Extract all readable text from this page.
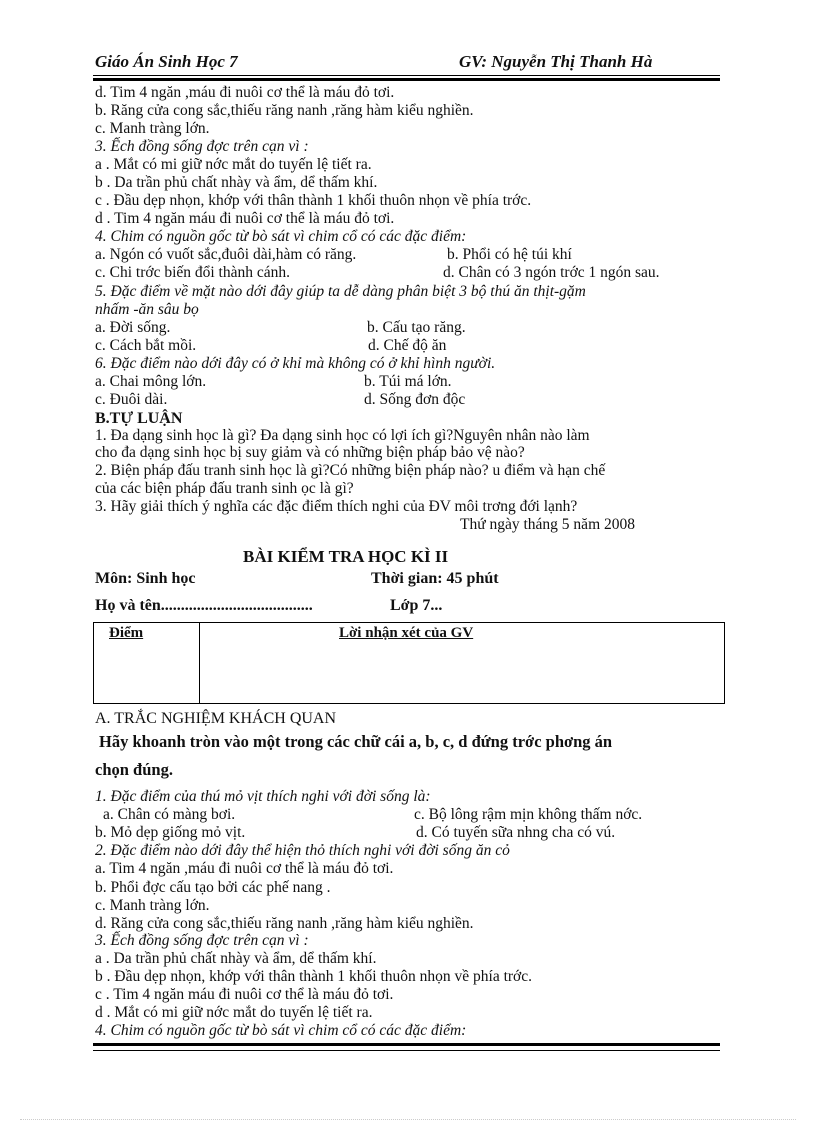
Giáo Án Sinh Học 7	GV: Nguyễn Thị Thanh Hà
d. Tim 4 ngăn ,máu đi nuôi cơ thể là máu đỏ tơi.
b. Răng cửa cong sắc,thiếu răng nanh ,răng hàm kiểu nghiền.
c. Manh tràng lớn.
3. Ếch đồng sống đợc trên cạn vì :
a . Mắt có mi giữ nớc mắt do tuyến lệ tiết ra.
b . Da trần phủ chất nhày và ẩm, dể thấm khí.
c . Đầu dẹp nhọn, khớp với thân thành 1 khối thuôn nhọn về phía trớc.
d . Tim 4 ngăn máu đi nuôi cơ thể là máu đỏ tơi.
4. Chim có nguồn gốc từ bò sát vì chim cổ có các đặc điểm:
a. Ngón có vuốt sắc,đuôi dài,hàm có răng.	b. Phổi có hệ túi khí
c. Chi trớc biến đổi thành cánh.	d. Chân có 3 ngón trớc 1 ngón sau.
5. Đặc điểm về mặt nào dới đây giúp ta dễ dàng phân biệt 3 bộ thú ăn thịt-gặm
nhấm -ăn sâu bọ
a. Đời sống.	b. Cấu tạo răng.
c. Cách bắt mồi.	d. Chế độ ăn
6. Đặc điểm nào dới đây có ở khỉ mà không có ở khỉ hình người.
a. Chai mông lớn.	b. Túi má lớn.
c. Đuôi dài.	d. Sống đơn độc
B.TỰ LUẬN
1. Đa dạng sinh học là gì? Đa dạng sinh học có lợi ích gì?Nguyên nhân nào làm
cho đa dạng sinh học bị suy giảm và có những biện pháp bảo vệ nào?
2. Biện pháp đấu tranh sinh học là gì?Có những biện pháp nào? u điểm và hạn chế
của các biện pháp đấu tranh sinh ọc là gì?
3. Hãy giải thích ý nghĩa các đặc điểm thích nghi của ĐV môi trơng đới lạnh?
Thứ ngày tháng 5 năm 2008
BÀI KIỂM TRA HỌC KÌ II
Môn: Sinh học	Thời gian: 45 phút
Họ và tên......................................	Lớp 7...
Điểm	Lời nhận xét của GV
A. TRẮC NGHIỆM KHÁCH QUAN
Hãy khoanh tròn vào một trong các chữ cái a, b, c, d đứng trớc phơng án
chọn đúng.
1. Đặc điểm của thú mỏ vịt thích nghi với đời sống là:
a. Chân có màng bơi.	c. Bộ lông rậm mịn không thấm nớc.
b. Mỏ dẹp giống mỏ vịt.	d. Có tuyến sữa nhng cha có vú.
2. Đặc điểm nào dới đây thể hiện thỏ thích nghi với đời sống ăn cỏ
a. Tim 4 ngăn ,máu đi nuôi cơ thể là máu đỏ tơi.
b. Phổi đợc cấu tạo bởi các phế nang .
c. Manh tràng lớn.
d. Răng cửa cong sắc,thiếu răng nanh ,răng hàm kiểu nghiền.
3. Ếch đồng sống đợc trên cạn vì :
a . Da trần phủ chất nhày và ẩm, dể thấm khí.
b . Đầu dẹp nhọn, khớp với thân thành 1 khối thuôn nhọn về phía trớc.
c . Tim 4 ngăn máu đi nuôi cơ thể là máu đỏ tơi.
d . Mắt có mi giữ nớc mắt do tuyến lệ tiết ra.
4. Chim có nguồn gốc từ bò sát vì chim cổ có các đặc điểm:
